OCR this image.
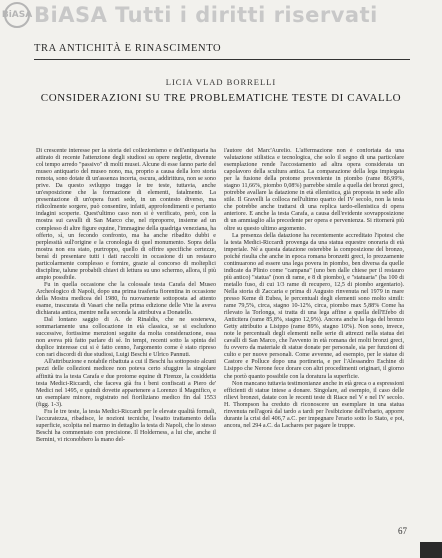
BiASA BiASA Tutti i diritti riservati
TRA ANTICHITÀ E RINASCIMENTO
LICIA VLAD BORRELLI
CONSIDERAZIONI SU TRE PROBLEMATICHE TESTE DI CAVALLO

Di crescente interesse per la storia del collezionismo e dell'antiquaria ha attirato di recente l'attenzione degli studiosi su opere neglette, divenute col tempo arredo "passivo" di molti musei. Alcune di esse fanno parte del museo antiquario del museo nono, ma, proprio a causa della loro storia remota, sono dotate di un'assenza incerta, oscura, addirittura, non se sono prive. Da questo sviluppo traggo le tre teste, tuttavia, anche un'esposizione che la formazione di elementi, fatalmente. La presentazione di un'opera fuori sede, in un contesto diverso, ma ridicolmente sorgere, può consentire, infatti, approfondimenti e pertanto indagini scoperte. Quest'ultimo caso non si è verificato, però, con la mostra sui cavalli di San Marco che, nel riproporre, insieme ad un complesso di altre figure equine, l'immagine della quadriga veneziana, ha offerto, sì, un fecondo confronto, ma ha anche ribadito dubbi e perplessità sull'origine e la cronologia di quel monumento. Sopra della mostra non era stato, purtroppo, quello di offrire specifiche certezze, bensì di presentare tutti i dati raccolti in occasione di un restauro particolarmente complesso e fornire, grazie al concorso di molteplici discipline, talune probabili chiavi di lettura su uno schermo, allora, il più ampio possibile.

Fu in quella occasione che la colossale testa Carafa del Museo Archeologico di Napoli, dopo una prima trasferta fiorentina in occasione della Mostra medicea del 1980, fu nuovamente sottoposta ad attento esame, trascurata di Vasari che nella prima edizione delle Vite la aveva dichiarata antica, mentre nella seconda la attribuiva a Donatello.

Dal lontano saggio di A. de Rinaldis, che ne sosteneva, sommariamente una collocazione in età classica, se si escludono successive, fortissime menzioni seguite da molta considerazione, essa non aveva più fatto parlare di sé. In tempi, recenti sotto la spinta del duplice interesse cui si è fatto cenno, l'argomento come è stato ripreso con rari discordi di due studiosi, Luigi Beschi e Ulrico Pannuti.

All'attribuzione e notabile ribattuta a cui il Beschi ha sottoposto alcuni pezzi delle collezioni medicee non poteva certo sfuggire la singolare affinità tra la testa Carafa e due protome equine di Firenze, la cosiddetta testa Medici-Riccardi, che faceva già fra i beni confiscati a Piero de' Medici nel 1495, e quindi dovette appartenere a Lorenzo il Magnifico, e un esemplare minore, registrato nel fioriliziano medico fin dal 1553 (figg. 1-3).

Fra le tre teste, la testa Medici-Riccardi per le elevate qualità formali, l'accuratezza, ribadisce, le nozioni tecniche, l'esatto trattamento della superficie, scolpita nel marmo in dettaglio la testa di Napoli, che lo stesso Beschi ha commentato con precisione. Il Holderness, a lui che, anche il Bernini, vi riconobbero la mano del-

l'autore del Marc'Aurelio. L'affermazione non è confortata da una valutazione stilistica e tecnologica, che solo il segno di una particolare esemplazione rende l'accostamento ad altra opera considerata un capolavoro della scultura antica. La comparazione della lega impiegata per la fusione della protome proveniente in piombo (rame 86,99%, stagno 11,66%, piombo 0,08%) parrebbe simile a quella dei bronzi greci, potrebbe avallare la datazione in età ellenistica, già proposta in sede allo stile. Il Gravelli la colloca nell'ultimo quarto del IV secolo, non la testa che potrebbe anche trattarsi di una replica tardo-ellenistica di opera anteriore. E anche la testa Carafa, a causa dell'evidente sovrapposizione di un ammiaglio alla precedente per opera e pervenienza. Si ritornerà più oltre su questo ultimo argomento.

La presenza della datazione ha recentemente accreditato l'ipotesi che la testa Medici-Riccardi provenga da una statua equestre onoraria di età imperiale. Né a questa datazione osterebbe la composizione del bronzo, poiché risulta che anche in epoca romana bronzetti greci, lo prezzamente continuarono ad essere una lega povera in piombo, ben diversa da quelle indicate da Plinio come "campana" (uno ben dalle chiese per il restauro più antico) "statua" (non di rame, e 8 di piombo), e "statuaria" (ba 100 di metallo fuso, di cui 1/3 rame di recupero, 12,5 di piombo argentario). Nella storia di Zaccaria e prima di Augusto rinvenuta nel 1979 in mare presso Keme di Eubea, le percentuali degli elementi sono molto simili: rame 79,5%, circa, stagno 10-12%, circa, piombo max 5,88% Come ha rilevato la Torlonga, si tratta di una lega affine a quella dell'Efebo di Anticitera (rame 85,8%, stagno 12,9%). Ancora anche la lega del bronzo Getty attribuito a Lisippo (rame 89%, stagno 10%). Non sono, invece, note le percentuali degli elementi nelle serie di attrezzi nella statua dei cavalli di San Marco, che l'avvento in età romana dei molti bronzi greci, fu ovvero da materiale di statue donate per personale, sia per funzioni di culto e per nuove personali. Come avvenne, ad esempio, per le statue di Castore e Polluce dopo una portineria, e per l'Alessandro Eschine di Lisippo che Nerone fece dorare con altri procedimenti originari, il giorno che portò quanto possibile con la doratura la superficie.

Non mancano tuttavia testimonianze anche in età greca o a espressioni efficienti di statue intese a donare. Singolare, ad esempio, il caso delle rilievi bronzei, datate con le recenti teste di Riace nel V e nel IV secolo. H. Thompson ha creduto di riconoscere un esemplare in una statua rinvenuta nell'agorà dal tardo a tardi per l'esibizione dell'erbario, apporre durante la crisi del 406,7 a.C. per impegnare l'erario sotto lo Stato, e poi, ancora, nel 294 a.C. da Lachares per pagare le truppe.

67
